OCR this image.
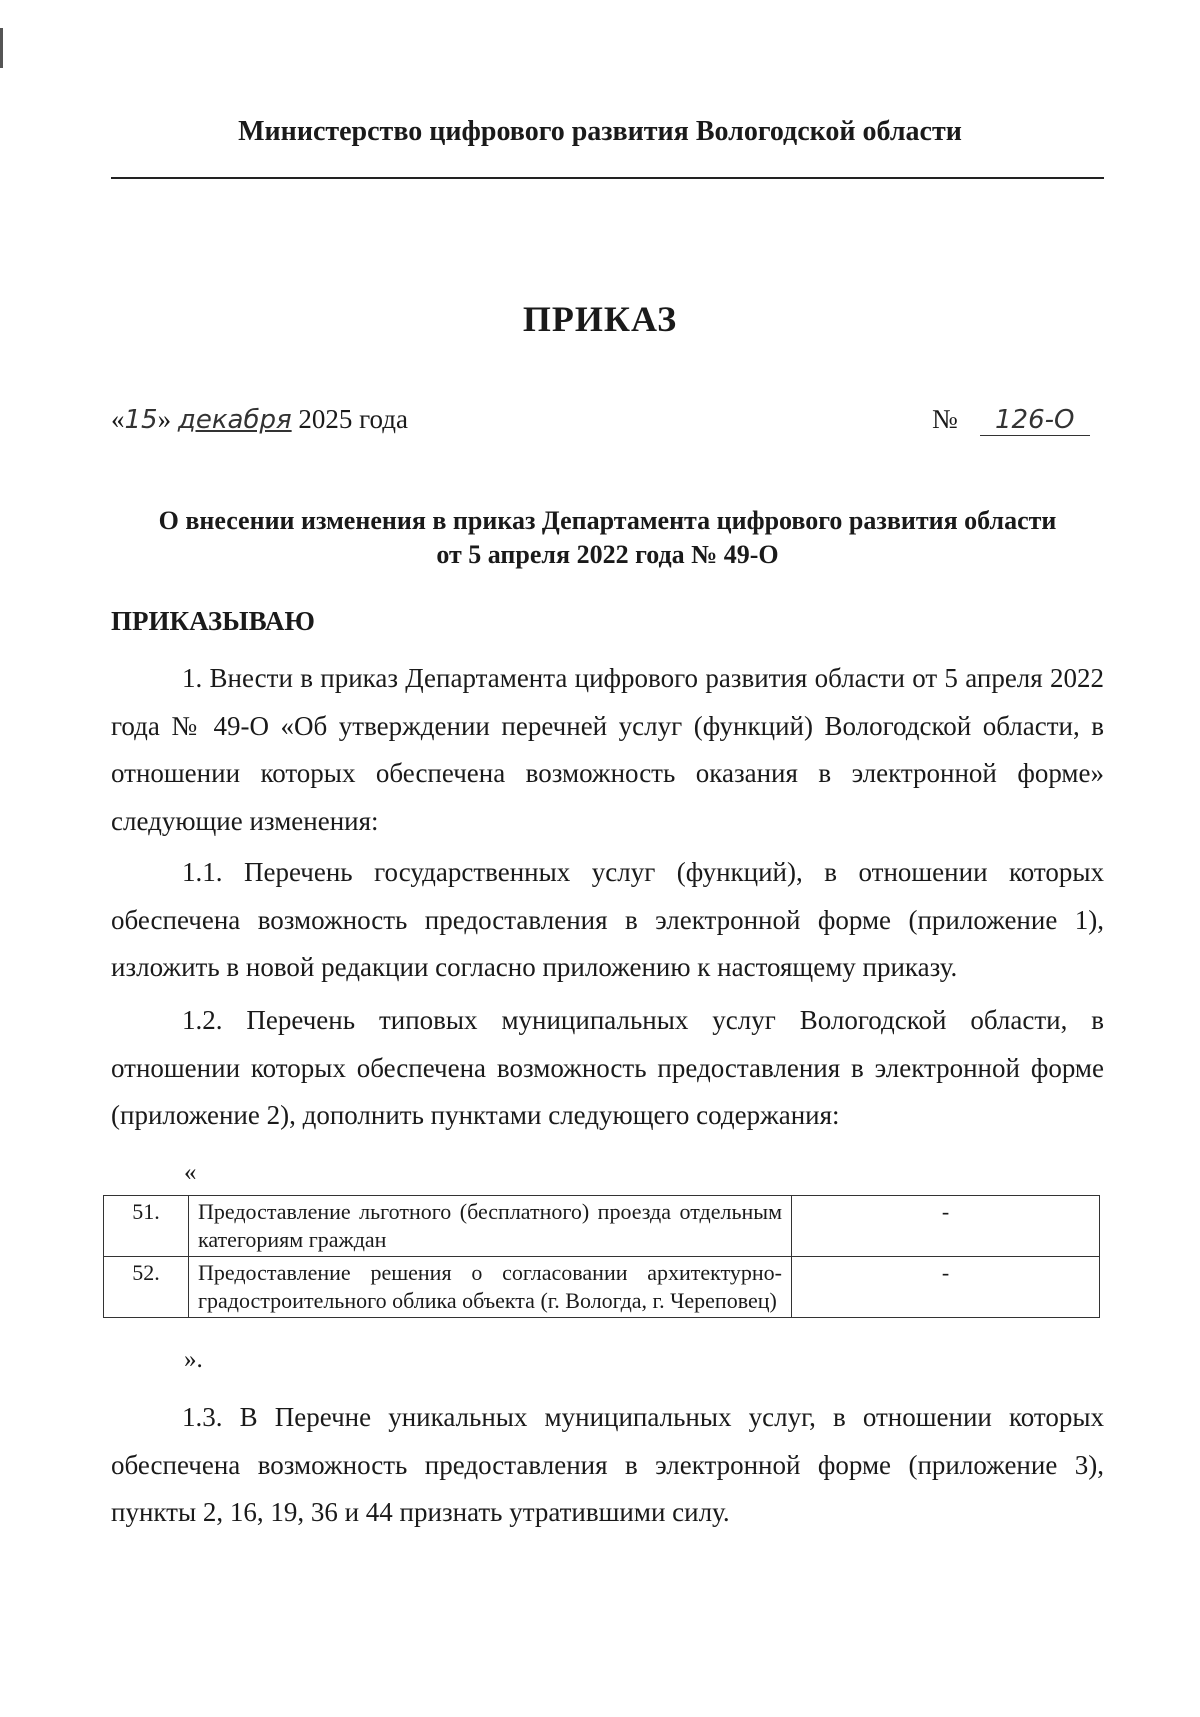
Министерство цифрового развития Вологодской области
ПРИКАЗ
«15» декабря 2025 года	№ 126-О
О внесении изменения в приказ Департамента цифрового развития области
от 5 апреля 2022 года № 49-О
ПРИКАЗЫВАЮ

1. Внести в приказ Департамента цифрового развития области от 5 апреля 2022 года № 49-О «Об утверждении перечней услуг (функций) Вологодской области, в отношении которых обеспечена возможность оказания в электронной форме» следующие изменения:

1.1. Перечень государственных услуг (функций), в отношении которых обеспечена возможность предоставления в электронной форме (приложение 1), изложить в новой редакции согласно приложению к настоящему приказу.

1.2. Перечень типовых муниципальных услуг Вологодской области, в отношении которых обеспечена возможность предоставления в электронной форме (приложение 2), дополнить пунктами следующего содержания:

«
51.	Предоставление льготного (бесплатного) проезда отдельным категориям граждан	-
52.	Предоставление решения о согласовании архитектурно-градостроительного облика объекта (г. Вологда, г. Череповец)	-
».

1.3. В Перечне уникальных муниципальных услуг, в отношении которых обеспечена возможность предоставления в электронной форме (приложение 3), пункты 2, 16, 19, 36 и 44 признать утратившими силу.
